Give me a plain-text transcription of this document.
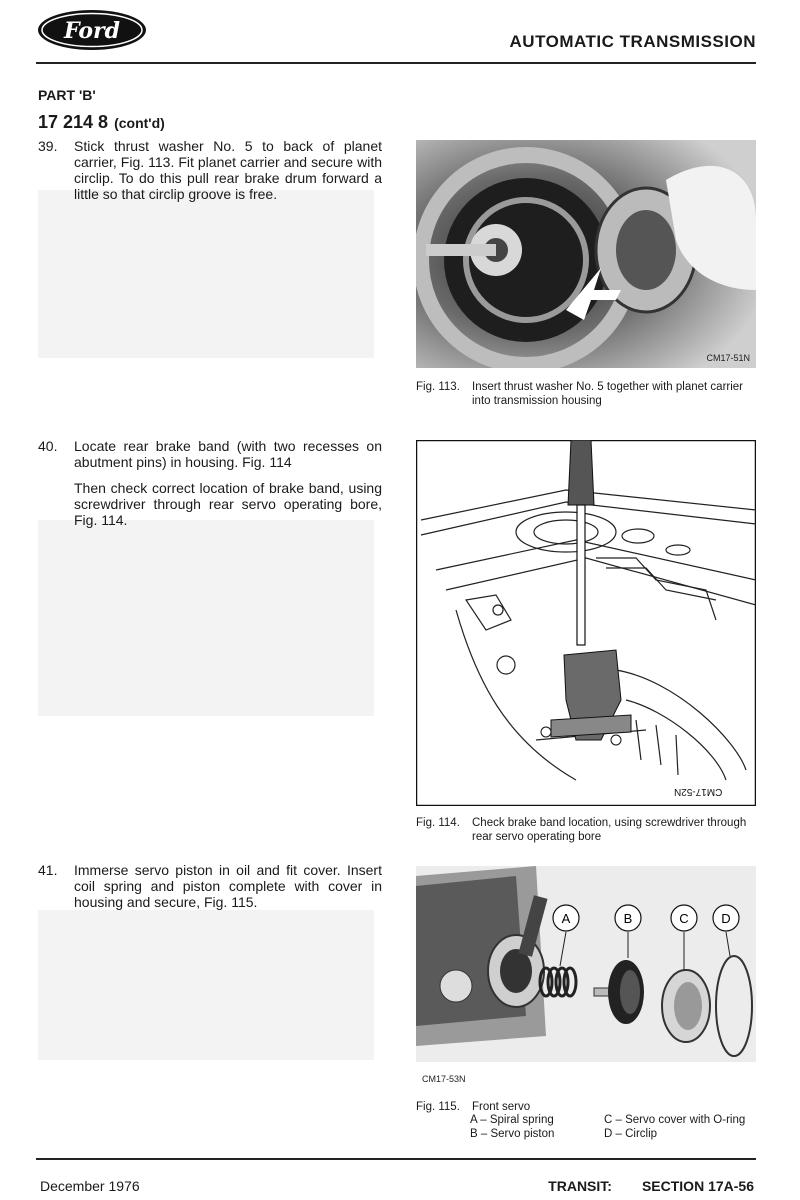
Ford	AUTOMATIC TRANSMISSION
PART 'B'
17 214 8 (cont'd)
39. Stick thrust washer No. 5 to back of planet carrier, Fig. 113. Fit planet carrier and secure with circlip. To do this pull rear brake drum forward a little so that circlip groove is free.

40. Locate rear brake band (with two recesses on abutment pins) in housing. Fig. 114

Then check correct location of brake band, using screwdriver through rear servo operating bore, Fig. 114.

41. Immerse servo piston in oil and fit cover. Insert coil spring and piston complete with cover in housing and secure, Fig. 115.

CM17-51N
Fig. 113.	Insert thrust washer No. 5 together with planet carrier into transmission housing
CM17-52N
Fig. 114.	Check brake band location, using screwdriver through rear servo operating bore
A	B	C	D
CM17-53N
Fig. 115.	Front servo
A – Spiral spring	C – Servo cover with O-ring
B – Servo piston	D – Circlip
December 1976	TRANSIT: SECTION 17A-56
